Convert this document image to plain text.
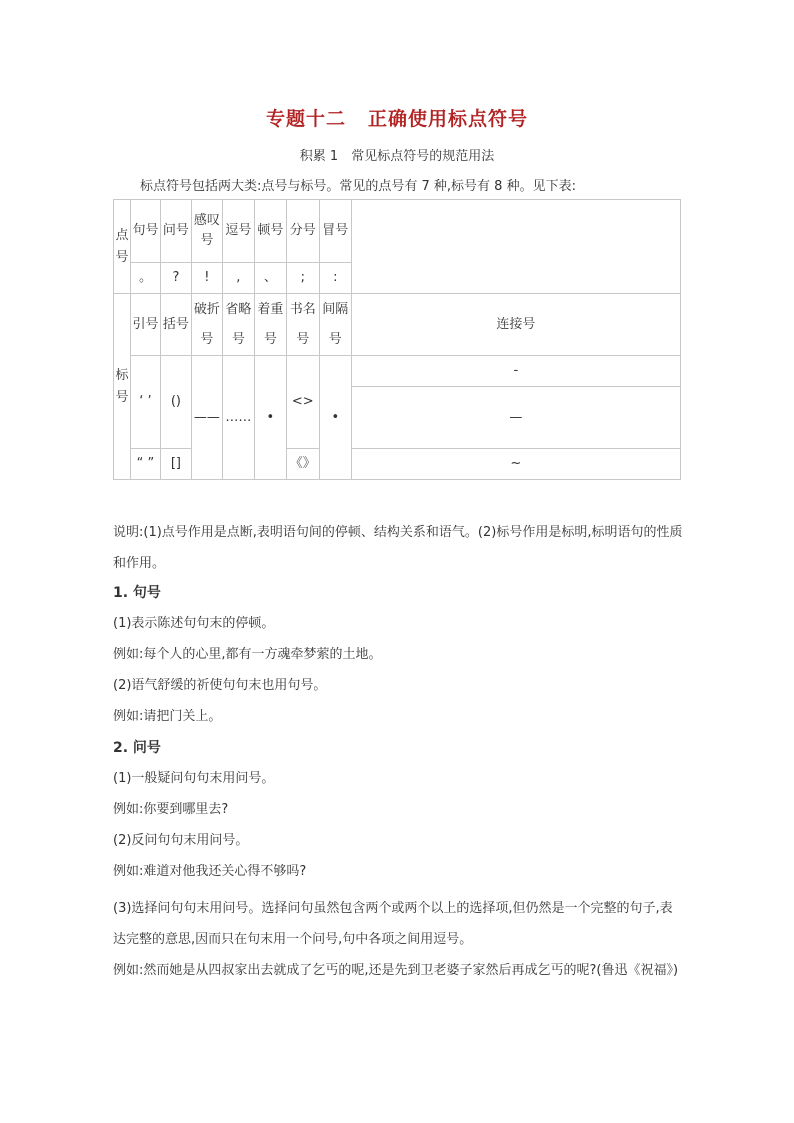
专题十二 正确使用标点符号
积累 1　常见标点符号的规范用法
标点符号包括两大类:点号与标号。常见的点号有 7 种,标号有 8 种。见下表:
点号	句号	问号	感叹号	逗号	顿号	分号	冒号	
	。	?	!	,	、	;	:	
标号	引号	括号	破折号	省略号	着重号	书名号	间隔号	连接号
	‘ ’	()	——	……	•	<>	•	-
								—
	“ ”	[]				《》		~
说明:(1)点号作用是点断,表明语句间的停顿、结构关系和语气。(2)标号作用是标明,标明语句的性质和作用。
1. 句号
(1)表示陈述句句末的停顿。
例如:每个人的心里,都有一方魂牵梦萦的土地。
(2)语气舒缓的祈使句句末也用句号。
例如:请把门关上。
2. 问号
(1)一般疑问句句末用问号。
例如:你要到哪里去?
(2)反问句句末用问号。
例如:难道对他我还关心得不够吗?
(3)选择问句句末用问号。选择问句虽然包含两个或两个以上的选择项,但仍然是一个完整的句子,表达完整的意思,因而只在句末用一个问号,句中各项之间用逗号。
例如:然而她是从四叔家出去就成了乞丐的呢,还是先到卫老婆子家然后再成乞丐的呢?(鲁迅《祝福》)
